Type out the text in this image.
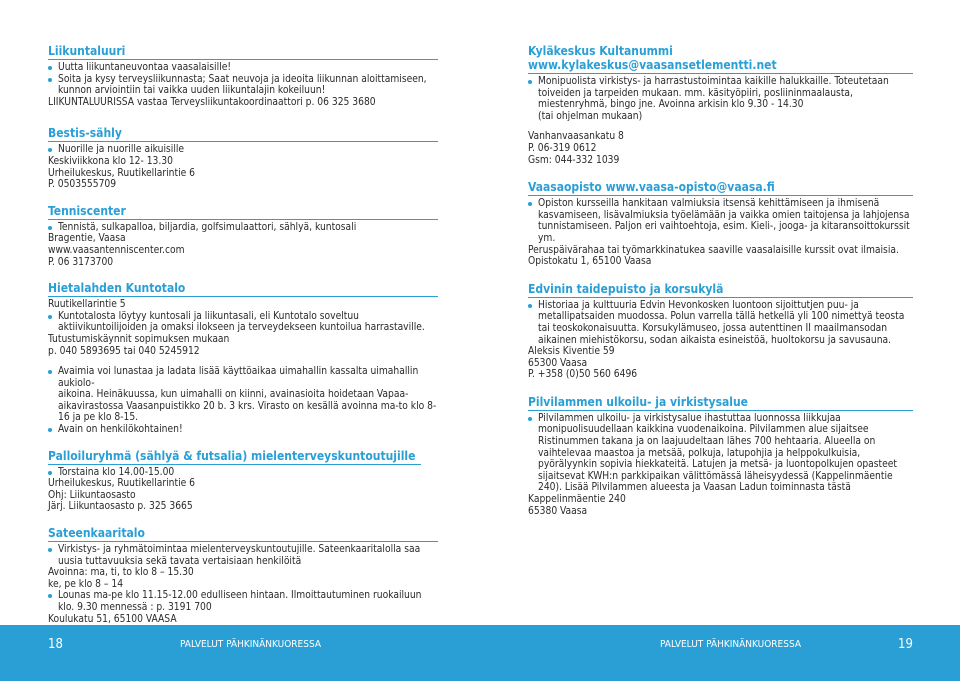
Liikuntaluuri

Uutta liikuntaneuvontaa vaasalaisille!

Soita ja kysy terveysliikunnasta; Saat neuvoja ja ideoita liikunnan aloittamiseen, kunnon arviointiin tai vaikka uuden liikuntalajin kokeiluun!

LIIKUNTALUURISSA vastaa Terveysliikuntakoordinaattori p. 06 325 3680

Bestis-sähly

Nuorille ja nuorille aikuisille

Keskiviikkona klo 12- 13.30
Urheilukeskus, Ruutikellarintie 6
P. 0503555709

Tenniscenter

Tennistä, sulkapalloa, biljardia, golfsimulaattori, sählyä, kuntosali

Bragentie, Vaasa
www.vaasantenniscenter.com
P. 06 3173700

Hietalahden Kuntotalo

Ruutikellarintie 5

Kuntotalosta löytyy kuntosali ja liikuntasali, eli Kuntotalo soveltuu aktiivikuntoilijoiden ja omaksi ilokseen ja terveydekseen kuntoilua harrastaville.

Tutustumiskäynnit sopimuksen mukaan
p. 040 5893695 tai 040 5245912

Avaimia voi lunastaa ja ladata lisää käyttöaikaa uimahallin kassalta uimahallin aukiolo-
aikoina. Heinäkuussa, kun uimahalli on kiinni, avainasioita hoidetaan Vapaa-aikavirastossa Vaasanpuistikko 20 b. 3 krs. Virasto on kesällä avoinna ma-to klo 8-16 ja pe klo 8-15.

Avain on henkilökohtainen!

Palloiluryhmä (sählyä & futsalia) mielenterveyskuntoutujille

Torstaina klo 14.00-15.00

Urheilukeskus, Ruutikellarintie 6
Ohj: Liikuntaosasto
Järj. Liikuntaosasto p. 325 3665

Sateenkaaritalo

Virkistys- ja ryhmätoimintaa mielenterveyskuntoutujille. Sateenkaaritalolla saa uusia tuttavuuksia sekä tavata vertaisiaan henkilöitä

Avoinna: ma, ti, to klo 8 – 15.30
ke, pe klo 8 – 14

Lounas ma-pe klo 11.15-12.00 edulliseen hintaan. Ilmoittautuminen ruokailuun klo. 9.30 mennessä : p. 3191 700

Koulukatu 51, 65100 VAASA

Kyläkeskus Kultanummi www.kylakeskus@vaasansetlementti.net

Monipuolista virkistys- ja harrastustoimintaa kaikille halukkaille. Toteutetaan toiveiden ja tarpeiden mukaan. mm. käsityöpiiri, posliininmaalausta, miestenryhmä, bingo jne. Avoinna arkisin klo 9.30 - 14.30
(tai ohjelman mukaan)

Vanhanvaasankatu 8
P. 06-319 0612
Gsm: 044-332 1039

Vaasaopisto www.vaasa-opisto@vaasa.fi

Opiston kursseilla hankitaan valmiuksia itsensä kehittämiseen ja ihmisenä kasvamiseen, lisävalmiuksia työelämään ja vaikka omien taitojensa ja lahjojensa tunnistamiseen. Paljon eri vaihtoehtoja, esim. Kieli-, jooga- ja kitaransoittokurssit ym.

Peruspäivärahaa tai työmarkkinatukea saaville vaasalaisille kurssit ovat ilmaisia.
Opistokatu 1, 65100 Vaasa

Edvinin taidepuisto ja korsukylä

Historiaa ja kulttuuria Edvin Hevonkosken luontoon sijoittutjen puu- ja metallipatsaiden muodossa. Polun varrella tällä hetkellä yli 100 nimettyä teosta tai teoskokonaisuutta. Korsukylämuseo, jossa autenttinen II maailmansodan aikainen miehistökorsu, sodan aikaista esineistöä, huoltokorsu ja savusauna.

Aleksis Kiventie 59
65300 Vaasa
P. +358 (0)50 560 6496

Pilvilammen ulkoilu- ja virkistysalue

Pilvilammen ulkoilu- ja virkistysalue ihastuttaa luonnossa liikkujaa monipuolisuudellaan kaikkina vuodenaikoina. Pilvilammen alue sijaitsee Ristinummen takana ja on laajuudeltaan lähes 700 hehtaaria. Alueella on vaihtelevaa maastoa ja metsää, polkuja, latupohjia ja helppokulkuisia, pyörälyynkin sopivia hiekkateitä. Latujen ja metsä- ja luontopolkujen opasteet sijaitsevat KWH:n parkkipaikan välittömässä läheisyydessä (Kappelinmäentie 240). Lisää Pilvilammen alueesta ja Vaasan Ladun toiminnasta tästä

Kappelinmäentie 240
65380 Vaasa

18	PALVELUT PÄHKINÄNKUORESSA	PALVELUT PÄHKINÄNKUORESSA	19
